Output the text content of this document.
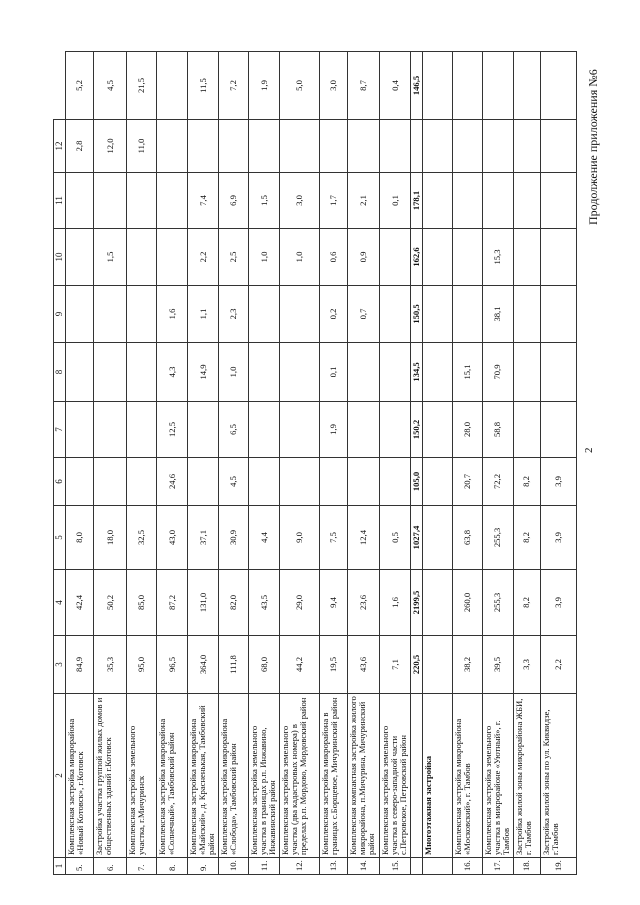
2
Продолжение приложения №6
1	2	3	4	5	6	7	8	9	10	11	12	
5.	Комплексная застройка микрорайона «Новый Котовск», г.Котовск	84,9	42,4	8,0							2,8	5,2
6.	Застройка участка группой жилых домов и общественных зданий г.Котовск	35,3	50,2	18,0					1,5		12,0	4,5
7.	Комплексная застройка земельного участка, г.Мичуринск	95,0	85,0	32,5							11,0	21,5
8.	Комплексная застройка микрорайона «Солнечный», Тамбовский район	96,5	87,2	43,0	24,6	12,5	4,3	1,6				
9.	Комплексная застройка микрорайона «Майский», д. Красненькая, Тамбовский район	364,0	131,0	37,1			14,9	1,1	2,2	7,4		11,5
10.	Комплексная застройка микрорайона «Слобода», Тамбовский район	111,8	82,0	30,9	4,5	6,5	1,0	2,3	2,5	6,9		7,2
11.	Комплексная застройка земельного участка в границах р.п. Инжавино, Инжавинский район	68,0	43,5	4,4					1,0	1,5		1,9
12.	Комплексная застройка земельного участка (два кадастровых номера) в пределах р.п. Мордово, Мордовский район	44,2	29,0	9,0					1,0	3,0		5,0
13.	Комплексная застройка микрорайона в границах с.Борщевое, Мичуринский район	19,5	9,4	7,5		1,9	0,1	0,2	0,6	1,7		3,0
14.	Комплексная компактная застройка жилого микрорайона, п.Мичурина, Мичуринский район	43,6	23,6	12,4				0,7	0,9	2,1		8,7
15.	Комплексная застройка земельного участка в северо-западной части с.Петровское, Петровский район	7,1	1,6	0,5						0,1		0,4
		220,5	2199,5	1027,4	105,0	150,2	134,5	150,5	162,6	178,1		146,5
	Многоэтажная застройка											
16.	Комплексная застройка микрорайона «Московский», г. Тамбов	38,2	260,0	63,8	20,7	28,0	15,1					
17.	Комплексная застройка земельного участка в микрорайоне «Уютный», г. Тамбов	39,5	255,3	255,3	72,2	58,8	70,9	38,1	15,3			
18.	Застройка жилой зоны микрорайона ЖБИ, г. Тамбов	3,3	8,2	8,2	8,2							
19.	Застройка жилой зоны по ул. Киквидзе, г.Тамбов	2,2	3,9	3,9	3,9							
